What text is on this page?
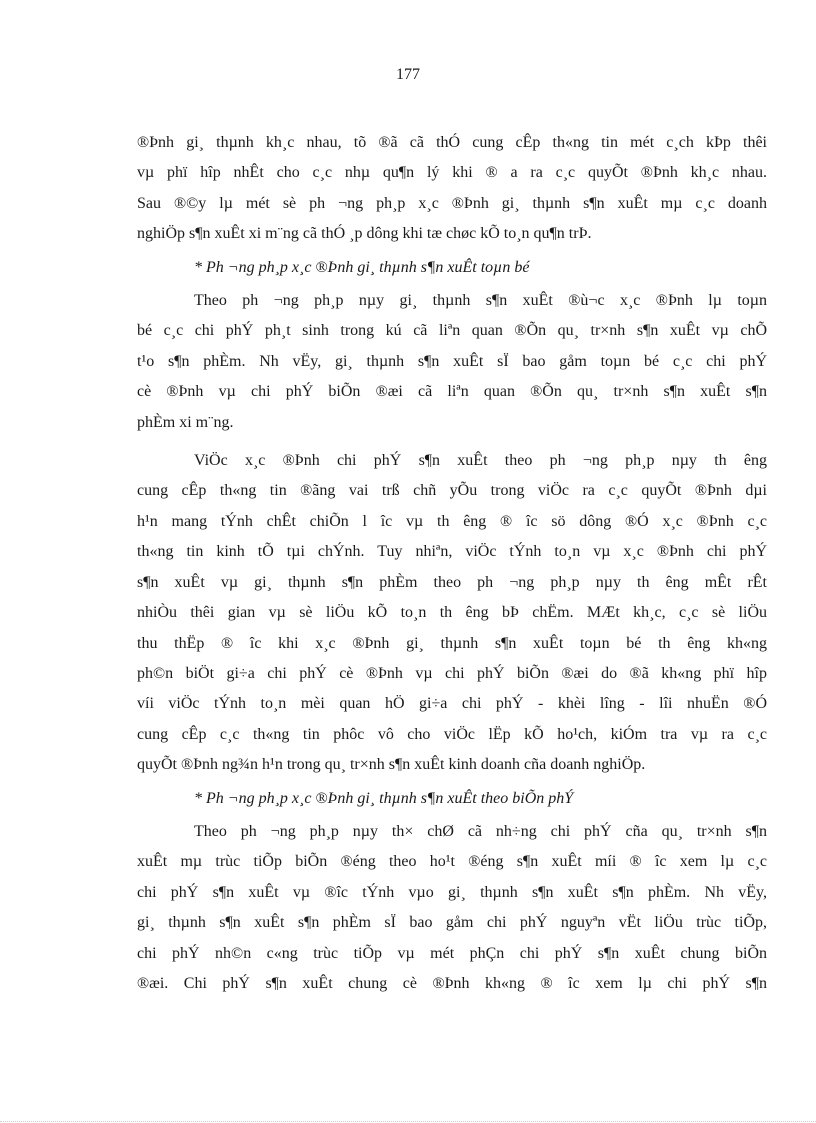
177
®Þnh gi¸ thµnh kh¸c nhau, tõ ®ã cã thÓ cung cÊp th«ng tin mét c¸ch kÞp thêi
vµ phï hîp nhÊt cho c¸c nhµ qu¶n lý khi ® a ra c¸c quyÕt ®Þnh kh¸c nhau.
Sau ®©y lµ mét sè ph ¬ng ph¸p x¸c ®Þnh gi¸ thµnh s¶n xuÊt mµ c¸c doanh
nghiÖp s¶n xuÊt xi m¨ng cã thÓ ¸p dông khi tæ chøc kÕ to¸n qu¶n trÞ.
* Ph ¬ng ph¸p x¸c ®Þnh gi¸ thµnh s¶n xuÊt toµn bé
Theo ph ¬ng ph¸p nµy gi¸ thµnh s¶n xuÊt ®ù¬c x¸c ®Þnh lµ toµn
bé c¸c chi phÝ ph¸t sinh trong kú cã liªn quan ®Õn qu¸ tr×nh s¶n xuÊt vµ chÕ
t¹o s¶n phÈm. Nh vËy, gi¸ thµnh s¶n xuÊt sÏ bao gåm toµn bé c¸c chi phÝ
cè ®Þnh vµ chi phÝ biÕn ®æi cã liªn quan ®Õn qu¸ tr×nh s¶n xuÊt s¶n
phÈm xi m¨ng.
ViÖc x¸c ®Þnh chi phÝ s¶n xuÊt theo ph ¬ng ph¸p nµy th êng
cung cÊp th«ng tin ®ãng vai trß chñ yÕu trong viÖc ra c¸c quyÕt ®Þnh dµi
h¹n mang tÝnh chÊt chiÕn l îc vµ th êng ® îc sö dông ®Ó x¸c ®Þnh c¸c
th«ng tin kinh tÕ tµi chÝnh. Tuy nhiªn, viÖc tÝnh to¸n vµ x¸c ®Þnh chi phÝ
s¶n xuÊt vµ gi¸ thµnh s¶n phÈm theo ph ¬ng ph¸p nµy th êng mÊt rÊt
nhiÒu thêi gian vµ sè liÖu kÕ to¸n th êng bÞ chËm. MÆt kh¸c, c¸c sè liÖu
thu thËp ® îc khi x¸c ®Þnh gi¸ thµnh s¶n xuÊt toµn bé th êng kh«ng
ph©n biÖt gi÷a chi phÝ cè ®Þnh vµ chi phÝ biÕn ®æi do ®ã kh«ng phï hîp
víi viÖc tÝnh to¸n mèi quan hÖ gi÷a chi phÝ - khèi lîng - lîi nhuËn ®Ó
cung cÊp c¸c th«ng tin phôc vô cho viÖc lËp kÕ ho¹ch, kiÓm tra vµ ra c¸c
quyÕt ®Þnh ng¾n h¹n trong qu¸ tr×nh s¶n xuÊt kinh doanh cña doanh nghiÖp.
* Ph ¬ng ph¸p x¸c ®Þnh gi¸ thµnh s¶n xuÊt theo biÕn phÝ
Theo ph ¬ng ph¸p nµy th× chØ cã nh÷ng chi phÝ cña qu¸ tr×nh s¶n
xuÊt mµ trùc tiÕp biÕn ®éng theo ho¹t ®éng s¶n xuÊt míi ® îc xem lµ c¸c
chi phÝ s¶n xuÊt vµ ®îc tÝnh vµo gi¸ thµnh s¶n xuÊt s¶n phÈm. Nh vËy,
gi¸ thµnh s¶n xuÊt s¶n phÈm sÏ bao gåm chi phÝ nguyªn vËt liÖu trùc tiÕp,
chi phÝ nh©n c«ng trùc tiÕp vµ mét phÇn chi phÝ s¶n xuÊt chung biÕn
®æi. Chi phÝ s¶n xuÊt chung cè ®Þnh kh«ng ® îc xem lµ chi phÝ s¶n
